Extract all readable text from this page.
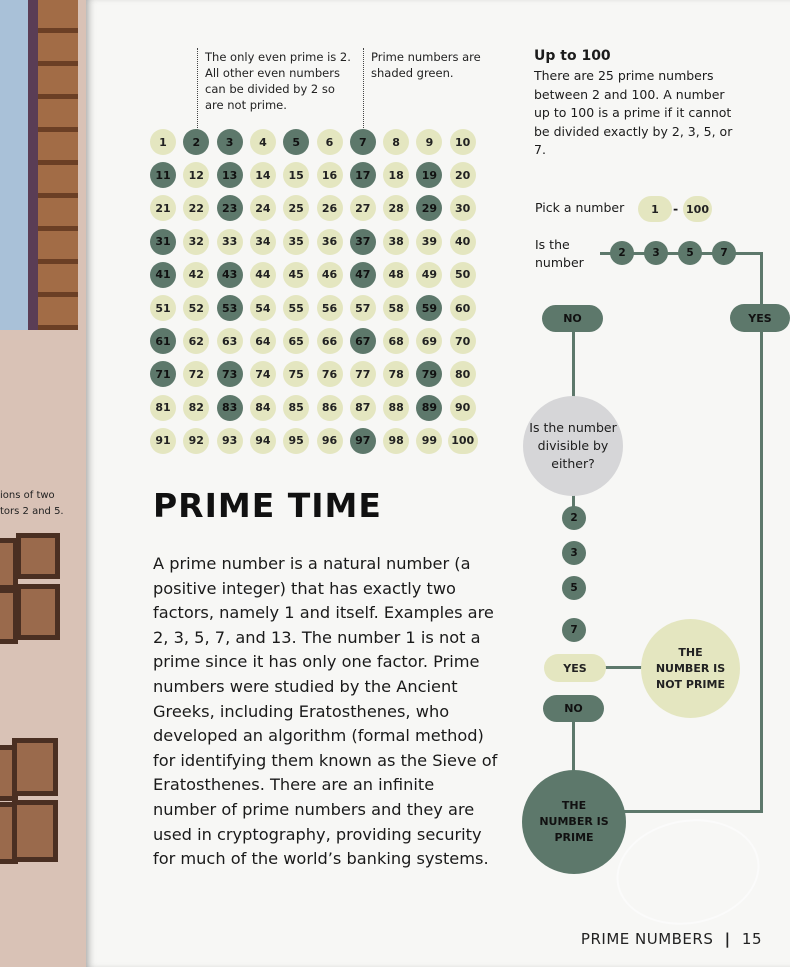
ions of two
tors 2 and 5.
The only even prime is 2. All other even numbers can be divided by 2 so are not prime.
Prime numbers are shaded green.
1	2	3	4	5	6	7	8	9	10
11	12	13	14	15	16	17	18	19	20
21	22	23	24	25	26	27	28	29	30
31	32	33	34	35	36	37	38	39	40
41	42	43	44	45	46	47	48	49	50
51	52	53	54	55	56	57	58	59	60
61	62	63	64	65	66	67	68	69	70
71	72	73	74	75	76	77	78	79	80
81	82	83	84	85	86	87	88	89	90
91	92	93	94	95	96	97	98	99	100
PRIME TIME
A prime number is a natural number (a positive integer) that has exactly two factors, namely 1 and itself. Examples are 2, 3, 5, 7, and 13. The number 1 is not a prime since it has only one factor. Prime numbers were studied by the Ancient Greeks, including Eratosthenes, who developed an algorithm (formal method) for identifying them known as the Sieve of Eratosthenes. There are an infinite number of prime numbers and they are used in cryptography, providing security for much of the world’s banking systems.
Up to 100
There are 25 prime numbers between 2 and 100. A number up to 100 is a prime if it cannot be divided exactly by 2, 3, 5, or 7.
Pick a number	1	- 100
Is the number
2	3	5	7
NO	YES
Is the number divisible by either?
2
3
5
7
YES
NO
THE NUMBER IS NOT PRIME
THE NUMBER IS PRIME
PRIME NUMBERS | 15
